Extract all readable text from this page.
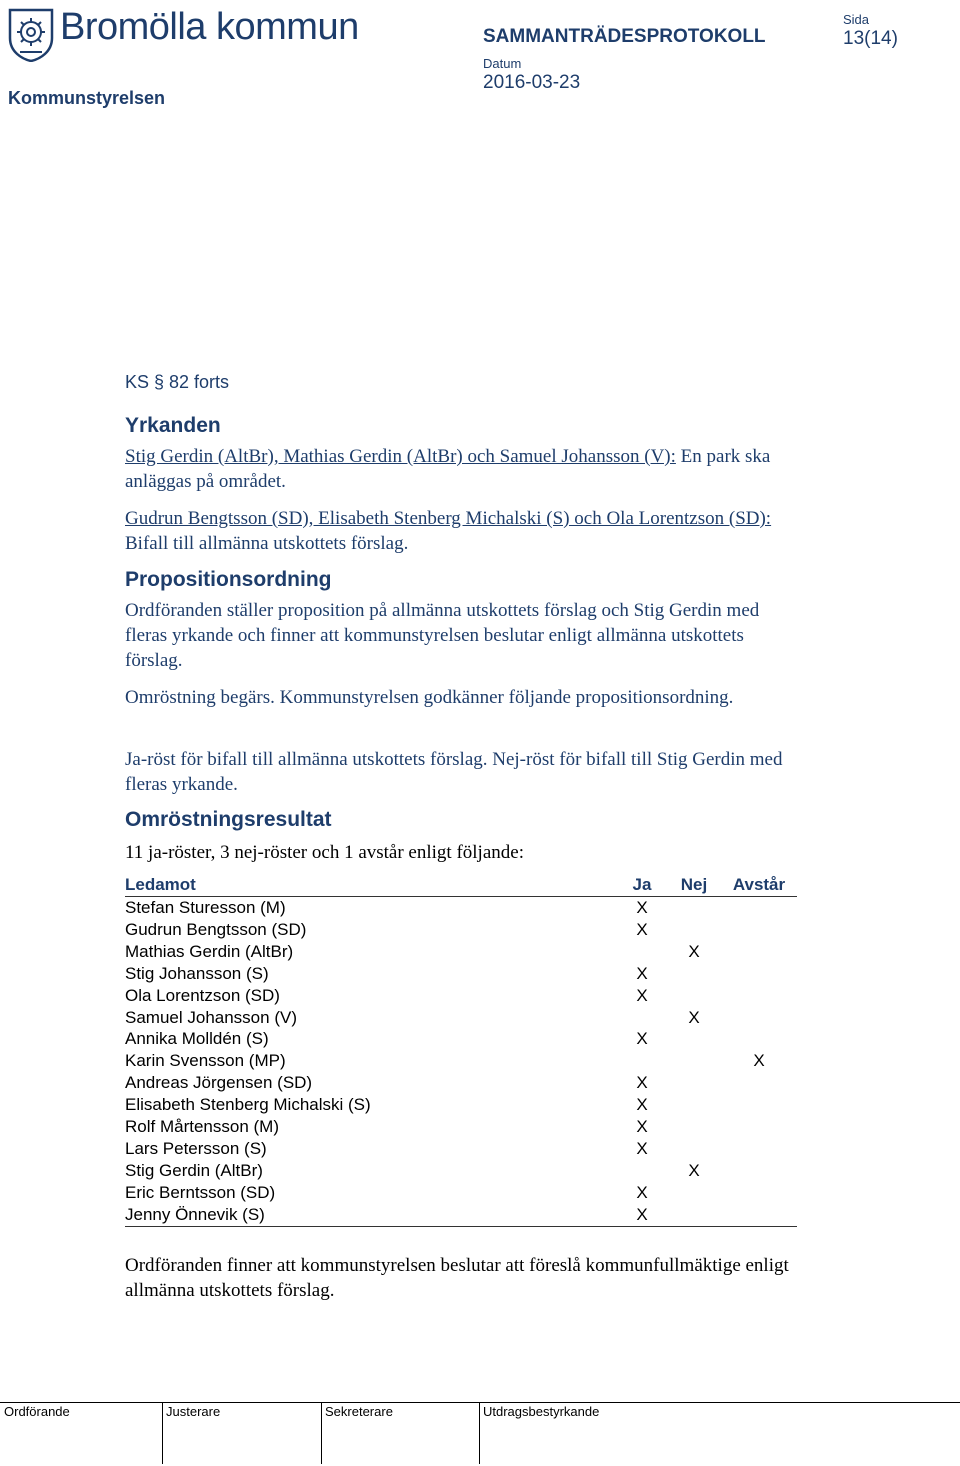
Bromölla kommun
Kommunstyrelsen
SAMMANTRÄDESPROTOKOLL
Sida
13(14)
Datum
2016-03-23
KS § 82 forts
Yrkanden
Stig Gerdin (AltBr), Mathias Gerdin (AltBr) och Samuel Johansson (V): En park ska anläggas på området.
Gudrun Bengtsson (SD), Elisabeth Stenberg Michalski (S) och Ola Lorentzson (SD): Bifall till allmänna utskottets förslag.
Propositionsordning
Ordföranden ställer proposition på allmänna utskottets förslag och Stig Gerdin med fleras yrkande och finner att kommunstyrelsen beslutar enligt allmänna utskottets förslag.
Omröstning begärs. Kommunstyrelsen godkänner följande propositionsordning.
Ja-röst för bifall till allmänna utskottets förslag. Nej-röst för bifall till Stig Gerdin med fleras yrkande.
Omröstningsresultat
11 ja-röster, 3 nej-röster och 1 avstår enligt följande:
Ledamot	Ja	Nej	Avstår
Stefan Sturesson (M)	X		
Gudrun Bengtsson (SD)	X		
Mathias Gerdin (AltBr)		X	
Stig Johansson (S)	X		
Ola Lorentzson (SD)	X		
Samuel Johansson (V)		X	
Annika Molldén (S)	X		
Karin Svensson (MP)			X
Andreas Jörgensen (SD)	X		
Elisabeth Stenberg Michalski (S)	X		
Rolf Mårtensson (M)	X		
Lars Petersson (S)	X		
Stig Gerdin (AltBr)		X	
Eric Berntsson (SD)	X		
Jenny Önnevik (S)	X		
Ordföranden finner att kommunstyrelsen beslutar att föreslå kommunfullmäktige enligt allmänna utskottets förslag.
Ordförande	Justerare	Sekreterare	Utdragsbestyrkande
